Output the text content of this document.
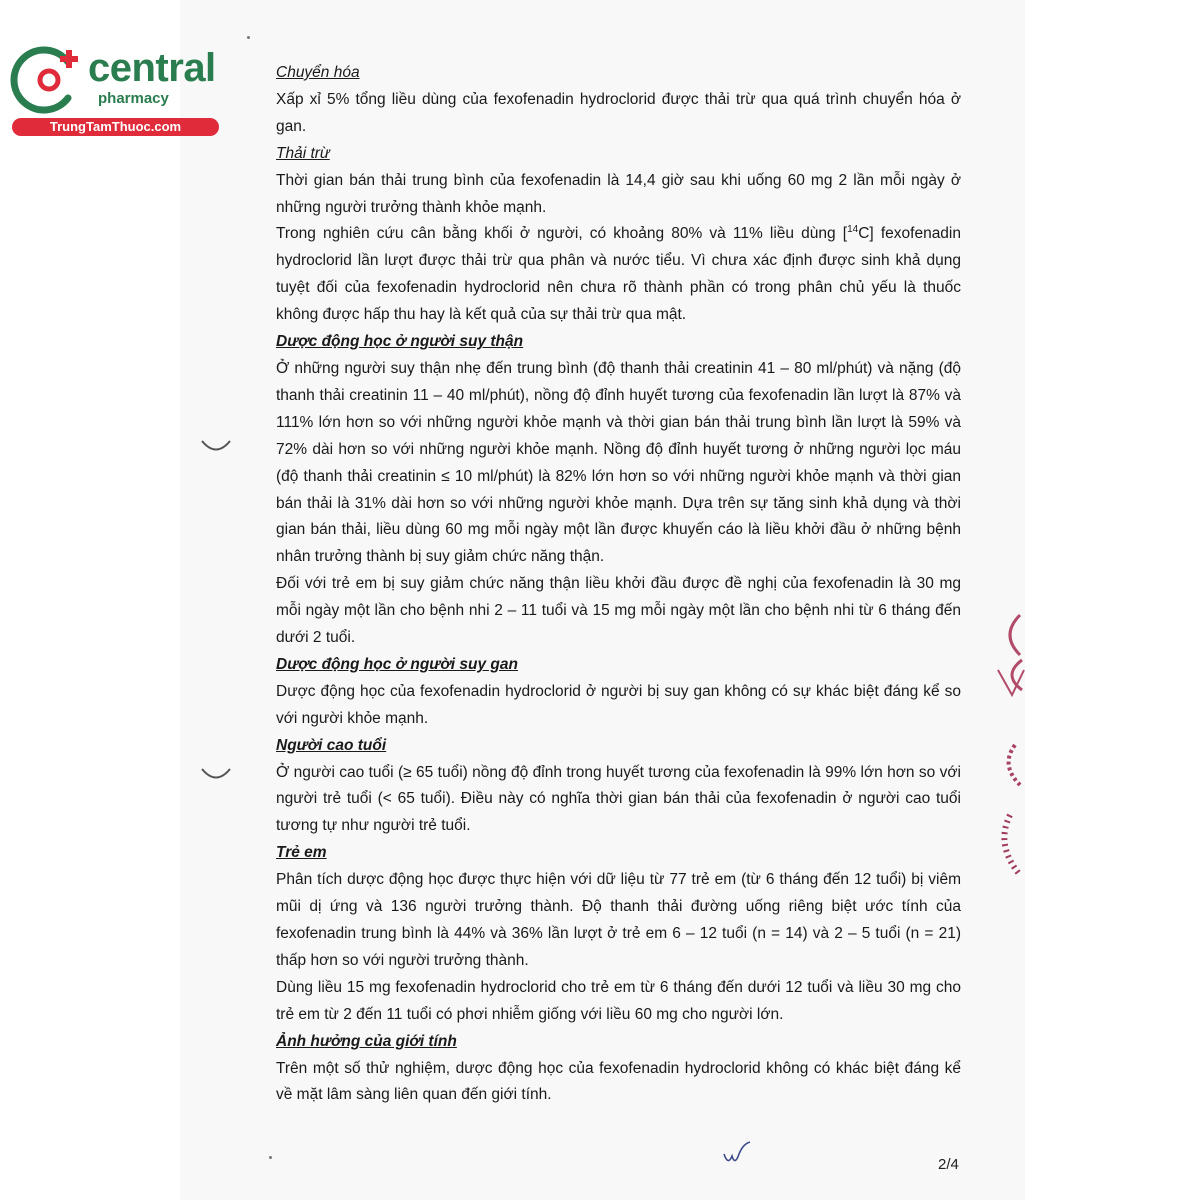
central
pharmacy
TrungTamThuoc.com

Chuyển hóa

Xấp xỉ 5% tổng liều dùng của fexofenadin hydroclorid được thải trừ qua quá trình chuyển hóa ở gan.

Thải trừ

Thời gian bán thải trung bình của fexofenadin là 14,4 giờ sau khi uống 60 mg 2 lần mỗi ngày ở những người trưởng thành khỏe mạnh.

Trong nghiên cứu cân bằng khối ở người, có khoảng 80% và 11% liều dùng [$^{14}$C] fexofenadin hydroclorid lần lượt được thải trừ qua phân và nước tiểu. Vì chưa xác định được sinh khả dụng tuyệt đối của fexofenadin hydroclorid nên chưa rõ thành phần có trong phân chủ yếu là thuốc không được hấp thu hay là kết quả của sự thải trừ qua mật.

Dược động học ở người suy thận

Ở những người suy thận nhẹ đến trung bình (độ thanh thải creatinin 41 – 80 ml/phút) và nặng (độ thanh thải creatinin 11 – 40 ml/phút), nồng độ đỉnh huyết tương của fexofenadin lần lượt là 87% và 111% lớn hơn so với những người khỏe mạnh và thời gian bán thải trung bình lần lượt là 59% và 72% dài hơn so với những người khỏe mạnh. Nồng độ đỉnh huyết tương ở những người lọc máu (độ thanh thải creatinin ≤ 10 ml/phút) là 82% lớn hơn so với những người khỏe mạnh và thời gian bán thải là 31% dài hơn so với những người khỏe mạnh. Dựa trên sự tăng sinh khả dụng và thời gian bán thải, liều dùng 60 mg mỗi ngày một lần được khuyến cáo là liều khởi đầu ở những bệnh nhân trưởng thành bị suy giảm chức năng thận.

Đối với trẻ em bị suy giảm chức năng thận liều khởi đầu được đề nghị của fexofenadin là 30 mg mỗi ngày một lần cho bệnh nhi 2 – 11 tuổi và 15 mg mỗi ngày một lần cho bệnh nhi từ 6 tháng đến dưới 2 tuổi.

Dược động học ở người suy gan

Dược động học của fexofenadin hydroclorid ở người bị suy gan không có sự khác biệt đáng kể so với người khỏe mạnh.

Người cao tuổi

Ở người cao tuổi (≥ 65 tuổi) nồng độ đỉnh trong huyết tương của fexofenadin là 99% lớn hơn so với người trẻ tuổi (< 65 tuổi). Điều này có nghĩa thời gian bán thải của fexofenadin ở người cao tuổi tương tự như người trẻ tuổi.

Trẻ em

Phân tích dược động học được thực hiện với dữ liệu từ 77 trẻ em (từ 6 tháng đến 12 tuổi) bị viêm mũi dị ứng và 136 người trưởng thành. Độ thanh thải đường uống riêng biệt ước tính của fexofenadin trung bình là 44% và 36% lần lượt ở trẻ em 6 – 12 tuổi (n = 14) và 2 – 5 tuổi (n = 21) thấp hơn so với người trưởng thành.

Dùng liều 15 mg fexofenadin hydroclorid cho trẻ em từ 6 tháng đến dưới 12 tuổi và liều 30 mg cho trẻ em từ 2 đến 11 tuổi có phơi nhiễm giống với liều 60 mg cho người lớn.

Ảnh hưởng của giới tính

Trên một số thử nghiệm, dược động học của fexofenadin hydroclorid không có khác biệt đáng kể về mặt lâm sàng liên quan đến giới tính.

2/4
